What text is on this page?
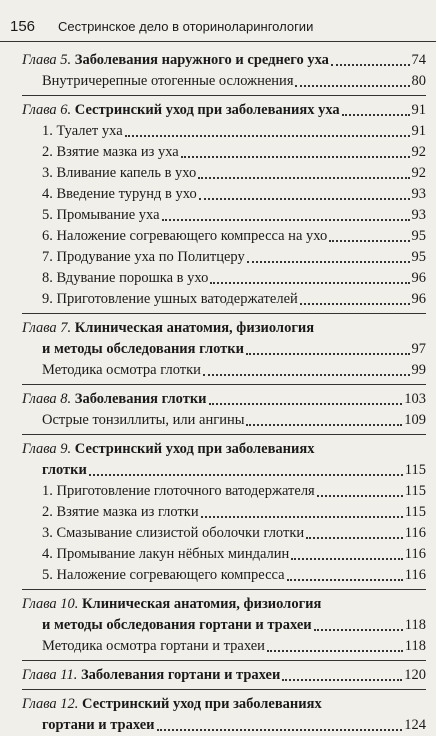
156 Сестринское дело в оториноларингологии
Глава 5. Заболевания наружного и среднего уха	74
Внутричерепные отогенные осложнения	80
Глава 6. Сестринский уход при заболеваниях уха	91
1. Туалет уха	91
2. Взятие мазка из уха	92
3. Вливание капель в ухо	92
4. Введение турунд в ухо	93
5. Промывание уха	93
6. Наложение согревающего компресса на ухо	95
7. Продувание уха по Политцеру	95
8. Вдувание порошка в ухо	96
9. Приготовление ушных ватодержателей	96
Глава 7. Клиническая анатомия, физиология
и методы обследования глотки	97
Методика осмотра глотки	99
Глава 8. Заболевания глотки	103
Острые тонзиллиты, или ангины	109
Глава 9. Сестринский уход при заболеваниях
глотки	115
1. Приготовление глоточного ватодержателя	115
2. Взятие мазка из глотки	115
3. Смазывание слизистой оболочки глотки	116
4. Промывание лакун нёбных миндалин	116
5. Наложение согревающего компресса	116
Глава 10. Клиническая анатомия, физиология
и методы обследования гортани и трахеи	118
Методика осмотра гортани и трахеи	118
Глава 11. Заболевания гортани и трахеи	120
Глава 12. Сестринский уход при заболеваниях
гортани и трахеи	124
